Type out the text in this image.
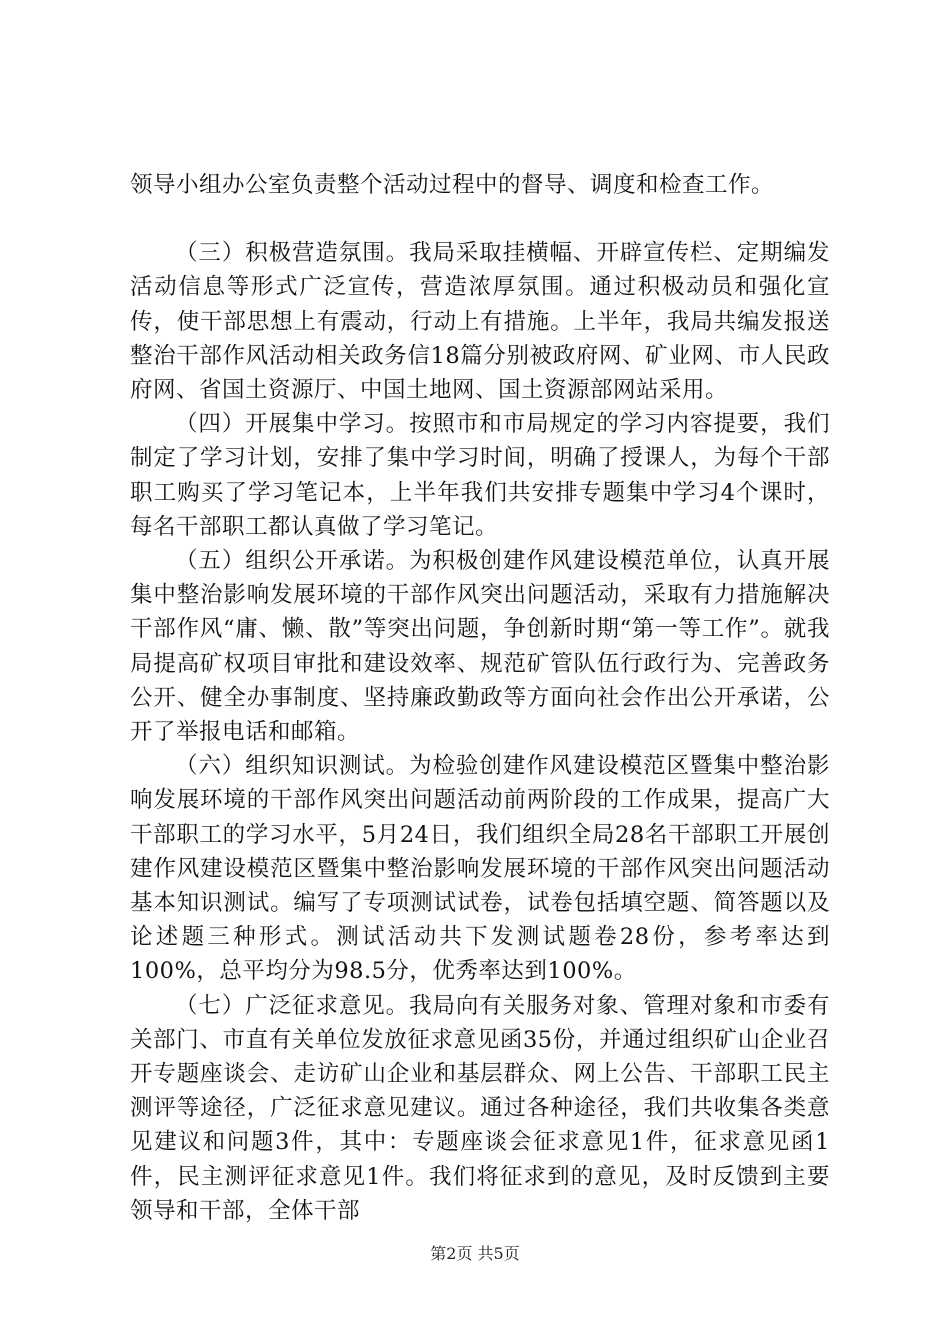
领导小组办公室负责整个活动过程中的督导、调度和检查工作。

（三）积极营造氛围。我局采取挂横幅、开辟宣传栏、定期编发活动信息等形式广泛宣传，营造浓厚氛围。通过积极动员和强化宣传，使干部思想上有震动，行动上有措施。上半年，我局共编发报送整治干部作风活动相关政务信18篇分别被政府网、矿业网、市人民政府网、省国土资源厅、中国土地网、国土资源部网站采用。

（四）开展集中学习。按照市和市局规定的学习内容提要，我们制定了学习计划，安排了集中学习时间，明确了授课人，为每个干部职工购买了学习笔记本，上半年我们共安排专题集中学习4个课时，每名干部职工都认真做了学习笔记。

（五）组织公开承诺。为积极创建作风建设模范单位，认真开展集中整治影响发展环境的干部作风突出问题活动，采取有力措施解决干部作风“庸、懒、散”等突出问题，争创新时期“第一等工作”。就我局提高矿权项目审批和建设效率、规范矿管队伍行政行为、完善政务公开、健全办事制度、坚持廉政勤政等方面向社会作出公开承诺，公开了举报电话和邮箱。

（六）组织知识测试。为检验创建作风建设模范区暨集中整治影响发展环境的干部作风突出问题活动前两阶段的工作成果，提高广大干部职工的学习水平，5月24日，我们组织全局28名干部职工开展创建作风建设模范区暨集中整治影响发展环境的干部作风突出问题活动基本知识测试。编写了专项测试试卷，试卷包括填空题、简答题以及论述题三种形式。测试活动共下发测试题卷28份，参考率达到100%，总平均分为98.5分，优秀率达到100%。

（七）广泛征求意见。我局向有关服务对象、管理对象和市委有关部门、市直有关单位发放征求意见函35份，并通过组织矿山企业召开专题座谈会、走访矿山企业和基层群众、网上公告、干部职工民主测评等途径，广泛征求意见建议。通过各种途径，我们共收集各类意见建议和问题3件，其中：专题座谈会征求意见1件，征求意见函1件，民主测评征求意见1件。我们将征求到的意见，及时反馈到主要领导和干部，全体干部

第2页 共5页
